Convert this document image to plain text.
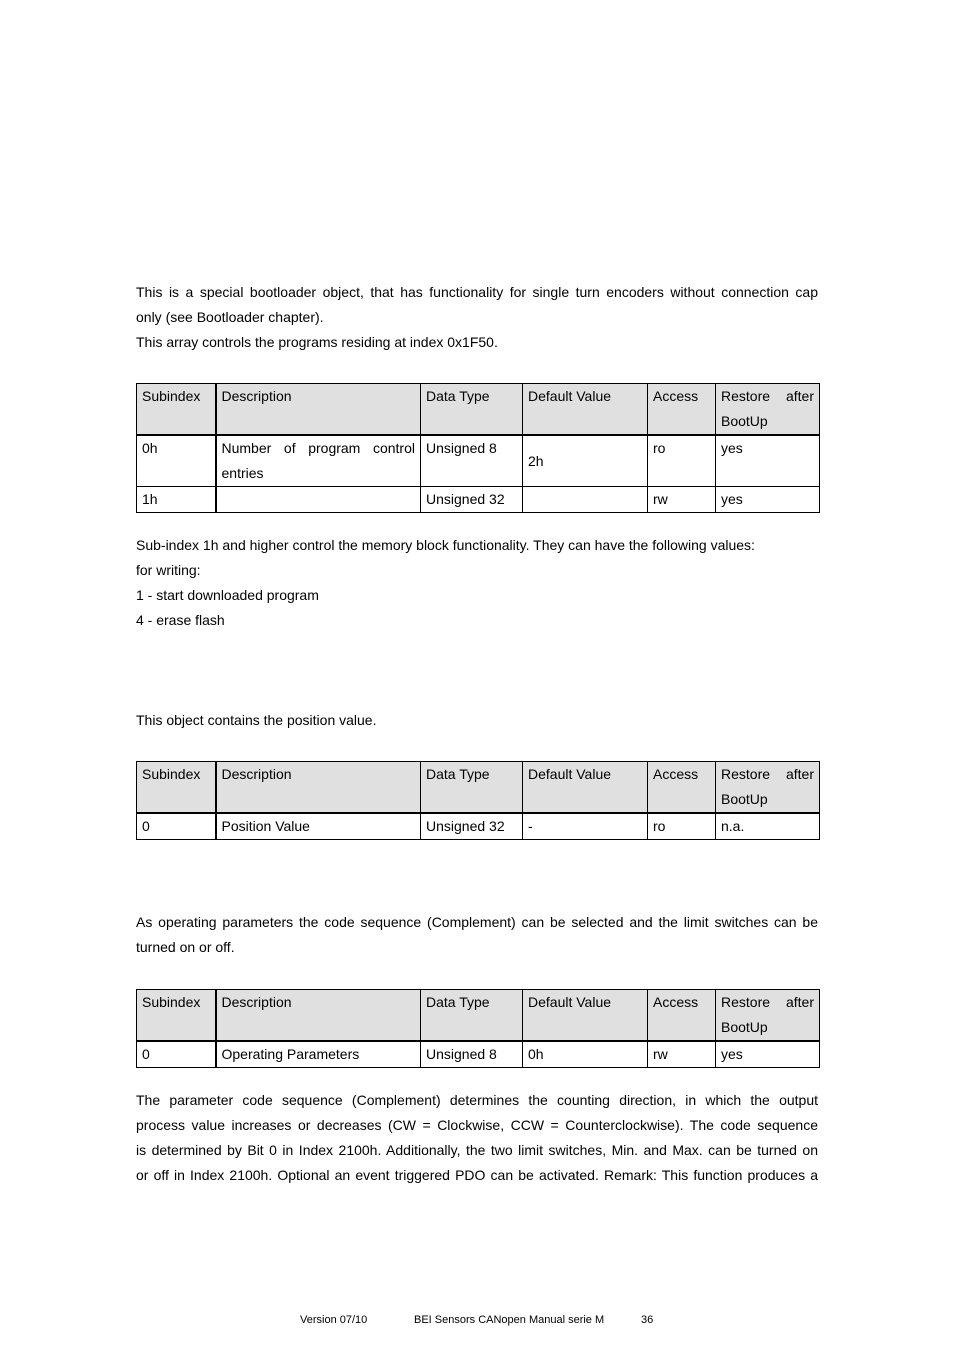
This is a special bootloader object, that has functionality for single turn encoders without connection cap

only (see Bootloader chapter).

This array controls the programs residing at index 0x1F50.

Subindex	Description	Data Type	Default Value	Access	Restore after
BootUp

0h	Number of program control
entries	Unsigned 8	2h	ro	yes
1h		Unsigned 32		rw	yes

Sub-index 1h and higher control the memory block functionality. They can have the following values:

for writing:

1 - start downloaded program

4 - erase flash

This object contains the position value.

Subindex	Description	Data Type	Default Value	Access	Restore after
BootUp

0	Position Value	Unsigned 32	-	ro	n.a.

As operating parameters the code sequence (Complement) can be selected and the limit switches can be

turned on or off.

Subindex	Description	Data Type	Default Value	Access	Restore after
BootUp

0	Operating Parameters	Unsigned 8	0h	rw	yes

The parameter code sequence (Complement) determines the counting direction, in which the output

process value increases or decreases (CW = Clockwise, CCW = Counterclockwise). The code sequence

is determined by Bit 0 in Index 2100h. Additionally, the two limit switches, Min. and Max. can be turned on

or off in Index 2100h. Optional an event triggered PDO can be activated. Remark: This function produces a

Version 07/10	BEI Sensors CANopen Manual serie M	36
